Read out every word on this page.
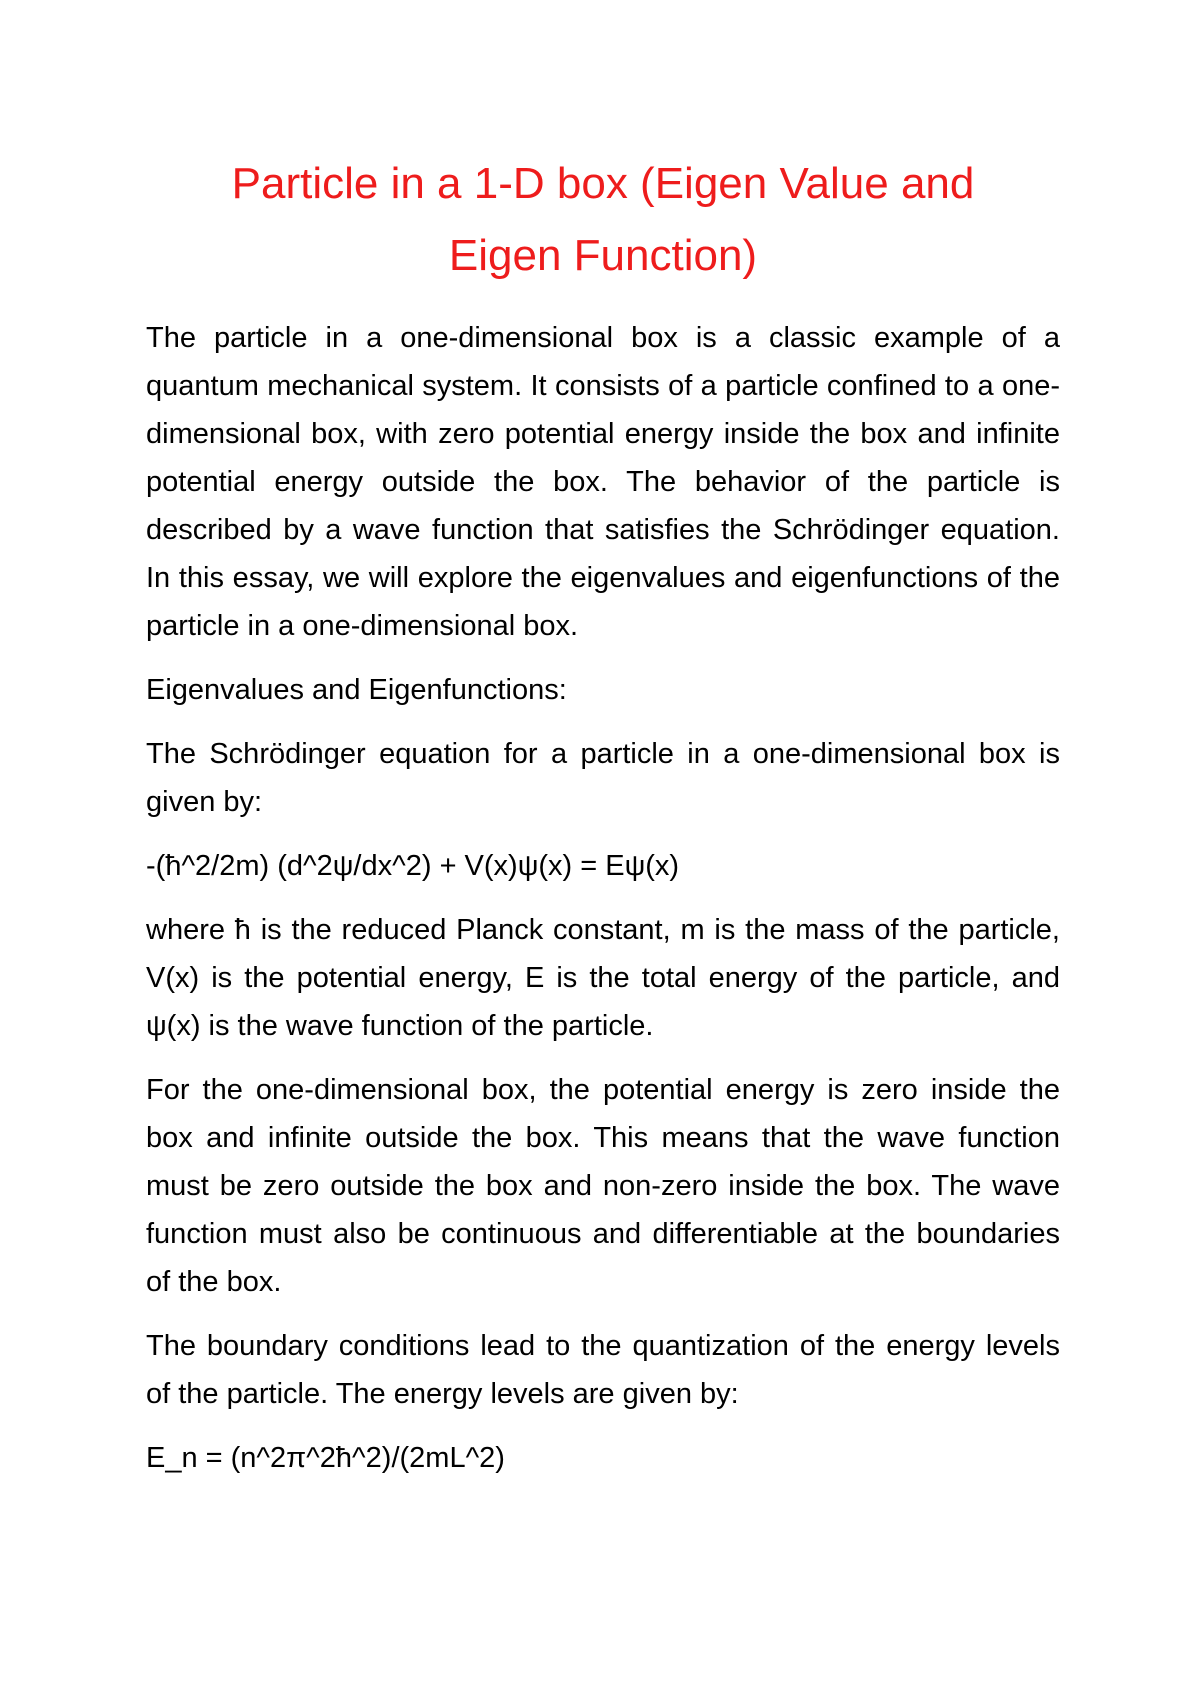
Particle in a 1-D box (Eigen Value and
Eigen Function)

The particle in a one-dimensional box is a classic example of a quantum mechanical system. It consists of a particle confined to a one-dimensional box, with zero potential energy inside the box and infinite potential energy outside the box. The behavior of the particle is described by a wave function that satisfies the Schrödinger equation. In this essay, we will explore the eigenvalues and eigenfunctions of the particle in a one-dimensional box.

Eigenvalues and Eigenfunctions:

The Schrödinger equation for a particle in a one-dimensional box is given by:

-(ħ^2/2m) (d^2ψ/dx^2) + V(x)ψ(x) = Eψ(x)

where ħ is the reduced Planck constant, m is the mass of the particle, V(x) is the potential energy, E is the total energy of the particle, and ψ(x) is the wave function of the particle.

For the one-dimensional box, the potential energy is zero inside the box and infinite outside the box. This means that the wave function must be zero outside the box and non-zero inside the box. The wave function must also be continuous and differentiable at the boundaries of the box.

The boundary conditions lead to the quantization of the energy levels of the particle. The energy levels are given by:

E_n = (n^2π^2ħ^2)/(2mL^2)
